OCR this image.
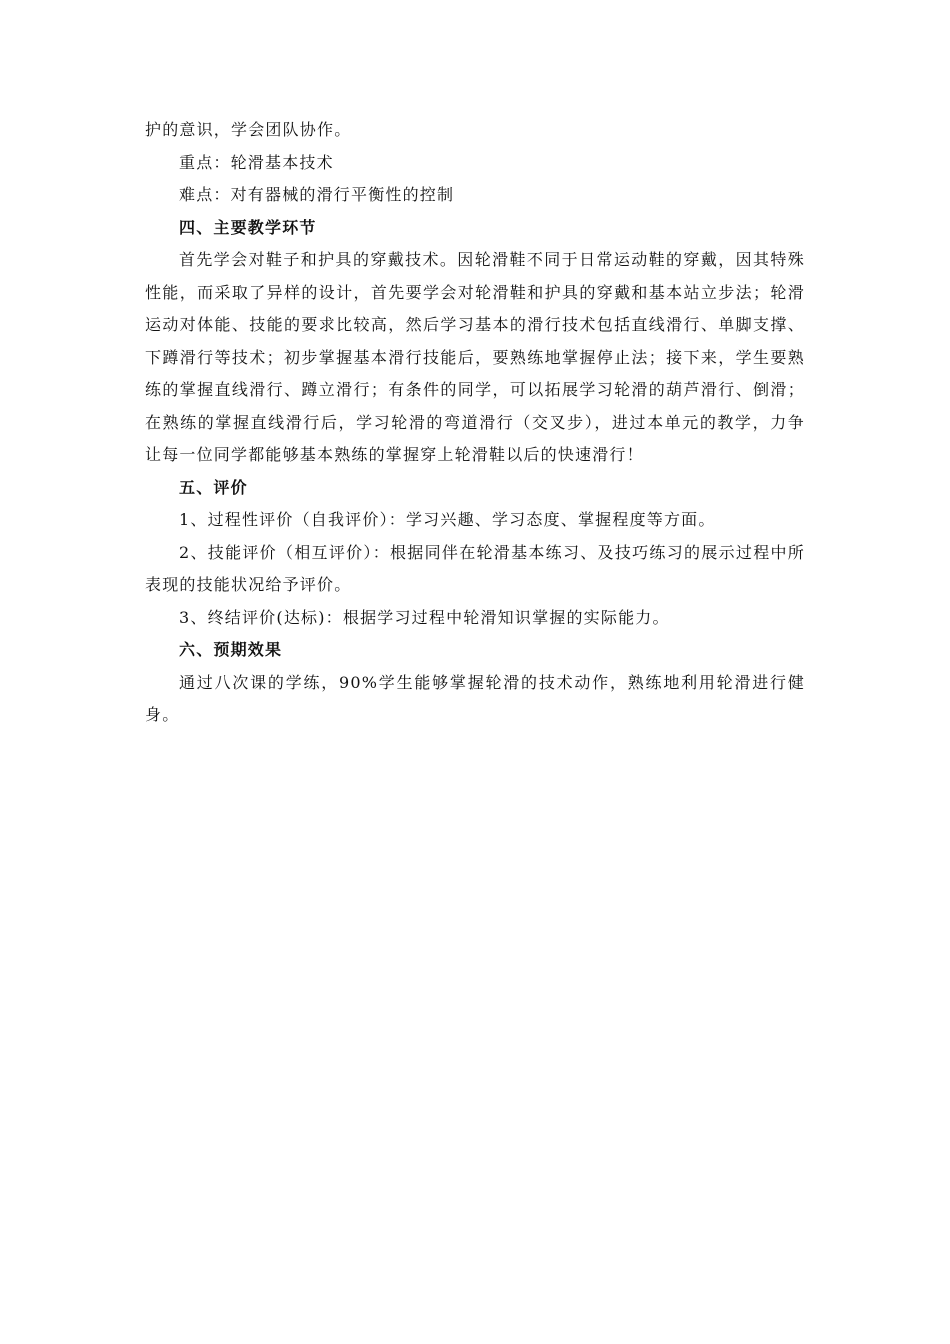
护的意识，学会团队协作。

重点：轮滑基本技术

难点：对有器械的滑行平衡性的控制

四、主要教学环节

首先学会对鞋子和护具的穿戴技术。因轮滑鞋不同于日常运动鞋的穿戴，因其特殊性能，而采取了异样的设计，首先要学会对轮滑鞋和护具的穿戴和基本站立步法；轮滑运动对体能、技能的要求比较高，然后学习基本的滑行技术包括直线滑行、单脚支撑、下蹲滑行等技术；初步掌握基本滑行技能后，要熟练地掌握停止法；接下来，学生要熟练的掌握直线滑行、蹲立滑行；有条件的同学，可以拓展学习轮滑的葫芦滑行、倒滑；在熟练的掌握直线滑行后，学习轮滑的弯道滑行（交叉步），进过本单元的教学，力争让每一位同学都能够基本熟练的掌握穿上轮滑鞋以后的快速滑行！

五、评价

1、过程性评价（自我评价）：学习兴趣、学习态度、掌握程度等方面。

2、技能评价（相互评价）：根据同伴在轮滑基本练习、及技巧练习的展示过程中所表现的技能状况给予评价。

3、终结评价(达标)：根据学习过程中轮滑知识掌握的实际能力。

六、预期效果

通过八次课的学练，90%学生能够掌握轮滑的技术动作，熟练地利用轮滑进行健身。
